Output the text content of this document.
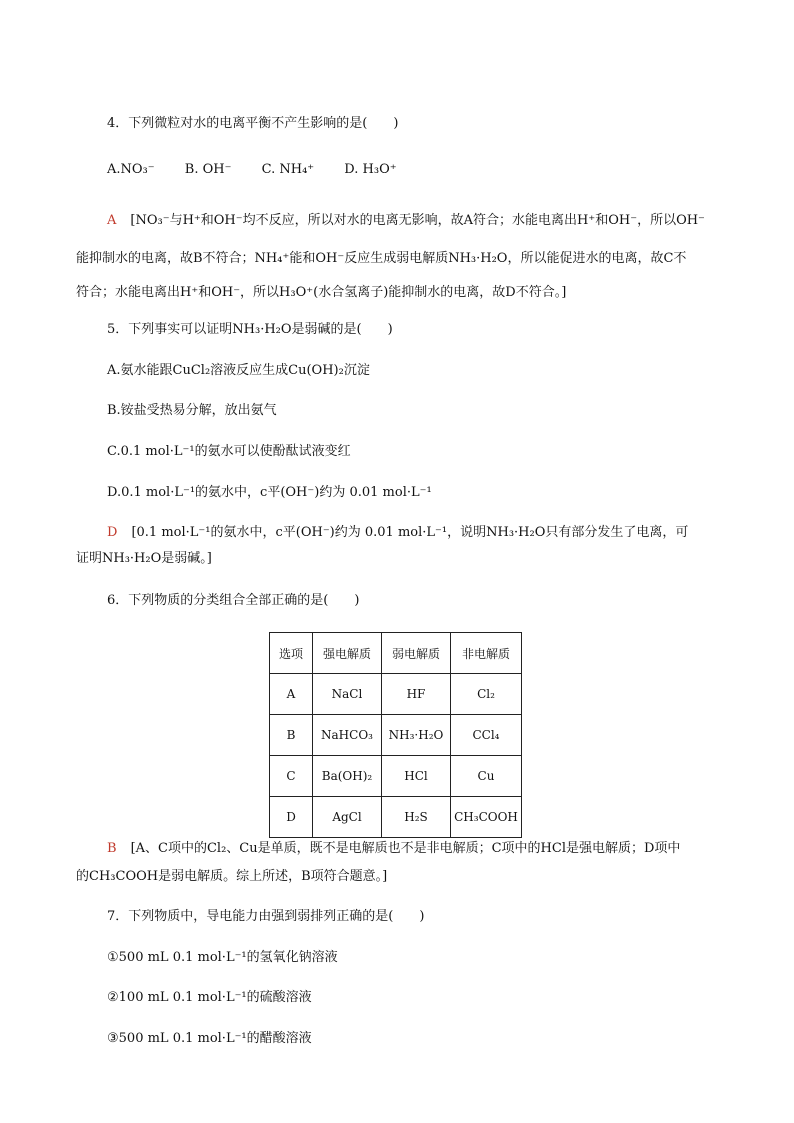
4．下列微粒对水的电离平衡不产生影响的是(　　)
A.NO₃⁻ B. OH⁻ C. NH₄⁺ D. H₃O⁺
A [NO₃⁻与H⁺和OH⁻均不反应，所以对水的电离无影响，故A符合；水能电离出H⁺和OH⁻，所以OH⁻
能抑制水的电离，故B不符合；NH₄⁺能和OH⁻反应生成弱电解质NH₃·H₂O，所以能促进水的电离，故C不
符合；水能电离出H⁺和OH⁻，所以H₃O⁺(水合氢离子)能抑制水的电离，故D不符合。]
5．下列事实可以证明NH₃·H₂O是弱碱的是(　　)
A.氨水能跟CuCl₂溶液反应生成Cu(OH)₂沉淀
B.铵盐受热易分解，放出氨气
C.0.1 mol·L⁻¹的氨水可以使酚酞试液变红
D.0.1 mol·L⁻¹的氨水中，c平(OH⁻)约为 0.01 mol·L⁻¹
D [0.1 mol·L⁻¹的氨水中，c平(OH⁻)约为 0.01 mol·L⁻¹，说明NH₃·H₂O只有部分发生了电离，可
证明NH₃·H₂O是弱碱。]
6．下列物质的分类组合全部正确的是(　　)
选项	强电解质	弱电解质	非电解质
A	NaCl	HF	Cl₂
B	NaHCO₃	NH₃·H₂O	CCl₄
C	Ba(OH)₂	HCl	Cu
D	AgCl	H₂S	CH₃COOH
B [A、C项中的Cl₂、Cu是单质，既不是电解质也不是非电解质；C项中的HCl是强电解质；D项中
的CH₃COOH是弱电解质。综上所述，B项符合题意。]
7．下列物质中，导电能力由强到弱排列正确的是(　　)
①500 mL 0.1 mol·L⁻¹的氢氧化钠溶液
②100 mL 0.1 mol·L⁻¹的硫酸溶液
③500 mL 0.1 mol·L⁻¹的醋酸溶液
